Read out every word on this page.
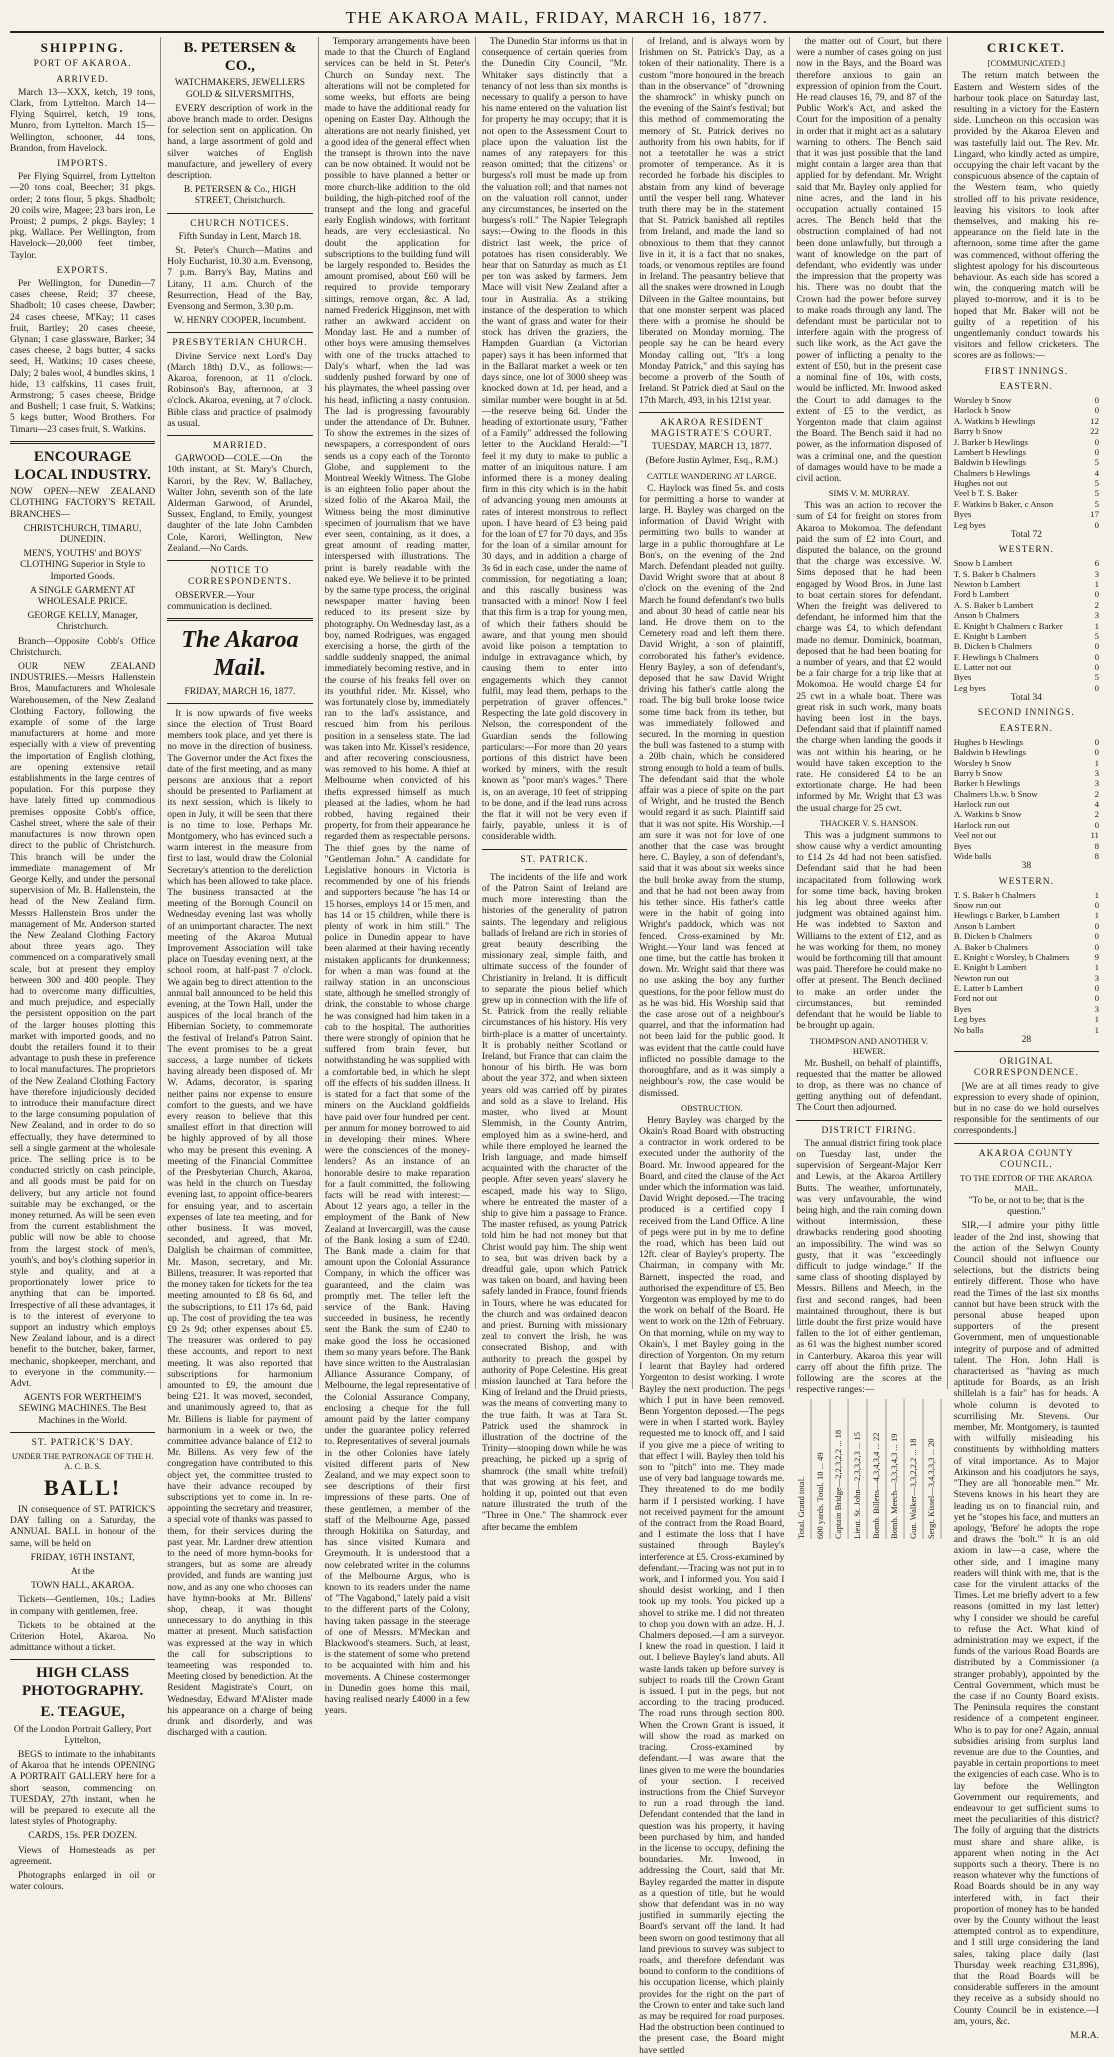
THE AKAROA MAIL, FRIDAY, MARCH 16, 1877.
SHIPPING.
PORT OF AKAROA.
ARRIVED.

March 13—XXX, ketch, 19 tons, Clark, from Lyttelton. March 14—Flying Squirrel, ketch, 19 tons, Munro, from Lyttelton. March 15—Wellington, schooner, 44 tons, Brandon, from Havelock.

IMPORTS.

Per Flying Squirrel, from Lyttelton—20 tons coal, Beecher; 31 pkgs. order; 2 tons flour, 5 pkgs. Shadbolt; 20 coils wire, Magee; 23 bars iron, Le Proust; 2 pumps, 2 pkgs. Bayley; 1 pkg. Wallace. Per Wellington, from Havelock—20,000 feet timber, Taylor.

EXPORTS.

Per Wellington, for Dunedin—7 cases cheese, Reid; 37 cheese, Shadbolt; 10 cases cheese, Dawber; 24 cases cheese, M'Kay; 11 cases fruit, Bartley; 20 cases cheese, Glynan; 1 case glassware, Barker; 34 cases cheese, 2 bags butter, 4 sacks seed, H. Watkins; 10 cases cheese, Daly; 2 bales wool, 4 bundles skins, 1 hide, 13 calfskins, 11 cases fruit, Armstrong; 5 cases cheese, Bridge and Bushell; 1 case fruit, S. Watkins; 5 kegs butter, Wood Brothers. For Timaru—23 cases fruit, S. Watkins.

ENCOURAGE LOCAL INDUSTRY.

NOW OPEN—NEW ZEALAND CLOTHING FACTORY'S RETAIL BRANCHES—

CHRISTCHURCH, TIMARU, DUNEDIN.

MEN'S, YOUTHS' and BOYS' CLOTHING Superior in Style to Imported Goods.

A SINGLE GARMENT AT WHOLESALE PRICE.

GEORGE KELLY, Manager, Christchurch.

Branch—Opposite Cobb's Office Christchurch.

OUR NEW ZEALAND INDUSTRIES.—Messrs Hallenstein Bros, Manufacturers and Wholesale Warehousemen, of the New Zealand Clothing Factory, following the example of some of the large manufacturers at home and more especially with a view of preventing the importation of English clothing, are opening extensive retail establishments in the large centres of population. For this purpose they have lately fitted up commodious premises opposite Cobb's office, Cashel street, where the sale of their manufactures is now thrown open direct to the public of Christchurch. This branch will be under the immediate management of Mr George Kelly, and under the personal supervision of Mr. B. Hallenstein, the head of the New Zealand firm. Messrs Hallenstein Bros under the management of Mr. Anderson started the New Zealand Clothing Factory about three years ago. They commenced on a comparatively small scale, but at present they employ between 300 and 400 people. They had to overcome many difficulties, and much prejudice, and especially the persistent opposition on the part of the larger houses plotting this market with imported goods, and no doubt the retailers found it to their advantage to push these in preference to local manufactures. The proprietors of the New Zealand Clothing Factory have therefore injudiciously decided to introduce their manufacture direct to the large consuming population of New Zealand, and in order to do so effectually, they have determined to sell a single garment at the wholesale price. The selling price is to be conducted strictly on cash principle, and all goods must be paid for on delivery, but any article not found suitable may be exchanged, or the money returned. As will be seen even from the current establishment the public will now be able to choose from the largest stock of men's, youth's, and boy's clothing superior in style and quality, and at a proportionately lower price to anything that can be imported. Irrespective of all these advantages, it is to the interest of everyone to support an industry which employs New Zealand labour, and is a direct benefit to the butcher, baker, farmer, mechanic, shopkeeper, merchant, and to everyone in the community.—Advt.

AGENTS FOR WERTHEIM'S SEWING MACHINES. The Best Machines in the World.

ST. PATRICK'S DAY.

UNDER THE PATRONAGE OF THE H. A. C. B. S.

BALL!

IN consequence of ST. PATRICK'S DAY falling on a Saturday, the ANNUAL BALL in honour of the same, will be held on

FRIDAY, 16TH INSTANT,

At the

TOWN HALL, AKAROA.

Tickets—Gentlemen, 10s.; Ladies in company with gentlemen, free.

Tickets to be obtained at the Criterion Hotel, Akaroa. No admittance without a ticket.

HIGH CLASS PHOTOGRAPHY.
E. TEAGUE,

Of the London Portrait Gallery, Port Lyttelton,

BEGS to intimate to the inhabitants of Akaroa that he intends OPENING A PORTRAIT GALLERY here for a short season, commencing on TUESDAY, 27th instant, when he will be prepared to execute all the latest styles of Photography.

CARDS, 15s. PER DOZEN.

Views of Homesteads as per agreement.

Photographs enlarged in oil or water colours.

B. PETERSEN & CO.,

WATCHMAKERS, JEWELLERS GOLD & SILVERSMITHS,

EVERY description of work in the above branch made to order. Designs for selection sent on application. On hand, a large assortment of gold and silver watches of English manufacture, and jewellery of every description.

B. PETERSEN & Co., HIGH STREET, Christchurch.

CHURCH NOTICES.

Fifth Sunday in Lent, March 18.

St. Peter's Church—Matins and Holy Eucharist, 10.30 a.m. Evensong, 7 p.m. Barry's Bay, Matins and Litany, 11 a.m. Church of the Resurrection, Head of the Bay, Evensong and Sermon, 3.30 p.m.

W. HENRY COOPER, Incumbent.

PRESBYTERIAN CHURCH.

Divine Service next Lord's Day (March 18th) D.V., as follows:— Akaroa, forenoon, at 11 o'clock. Robinson's Bay, afternoon, at 3 o'clock. Akaroa, evening, at 7 o'clock. Bible class and practice of psalmody as usual.

MARRIED.

GARWOOD—COLE.—On the 10th instant, at St. Mary's Church, Karori, by the Rev. W. Ballachey, Walter John, seventh son of the late Alderman Garwood, of Arundel, Sussex, England, to Emily, youngest daughter of the late John Cambden Cole, Karori, Wellington, New Zealand.—No Cards.

NOTICE TO CORRESPONDENTS.

OBSERVER.—Your communication is declined.

The Akaroa Mail.

FRIDAY, MARCH 16, 1877.

It is now upwards of five weeks since the election of Trust Board members took place, and yet there is no move in the direction of business. The Governor under the Act fixes the date of the first meeting, and as many persons are anxious that a report should be presented to Parliament at its next session, which is likely to open in July, it will be seen that there is no time to lose. Perhaps Mr. Montgomery, who has evinced such a warm interest in the measure from first to last, would draw the Colonial Secretary's attention to the dereliction which has been allowed to take place. The business transacted at the meeting of the Borough Council on Wednesday evening last was wholly of an unimportant character. The next meeting of the Akaroa Mutual Improvement Association will take place on Tuesday evening next, at the school room, at half-past 7 o'clock. We again beg to direct attention to the annual ball announced to be held this evening, at the Town Hall, under the auspices of the local branch of the Hibernian Society, to commemorate the festival of Ireland's Patron Saint. The event promises to be a great success, a large number of tickets having already been disposed of. Mr W. Adams, decorator, is sparing neither pains nor expense to ensure comfort to the guests, and we have every reason to believe that this smallest effort in that direction will be highly approved of by all those who may be present this evening. A meeting of the Financial Committee of the Presbyterian Church, Akaroa, was held in the church on Tuesday evening last, to appoint office-bearers for ensuing year, and to ascertain expenses of late tea meeting, and for other business. It was moved, seconded, and agreed, that Mr. Dalglish be chairman of committee, Mr. Mason, secretary, and Mr. Billens, treasurer. It was reported that the money taken for tickets for the tea meeting amounted to £8 6s 6d, and the subscriptions, to £11 17s 6d, paid up. The cost of providing the tea was £9 2s 9d; other expenses about £5. The treasurer was ordered to pay these accounts, and report to next meeting. It was also reported that subscriptions for harmonium amounted to £9, the amount due being £21. It was moved, seconded, and unanimously agreed to, that as Mr. Billens is liable for payment of harmonium in a week or two, the committee advance balance of £12 to Mr. Billens. As very few of the congregation have contributed to this object yet, the committee trusted to have their advance recouped by subscriptions yet to come in. In re-appointing the secretary and treasurer, a special vote of thanks was passed to them, for their services during the past year. Mr. Lardner drew attention to the need of more hymn-books for strangers, but as some are already provided, and funds are wanting just now, and as any one who chooses can have hymn-books at Mr. Billens' shop, cheap, it was thought unnecessary to do anything in this matter at present. Much satisfaction was expressed at the way in which the call for subscriptions to teameeting was responded to. Meeting closed by benediction. At the Resident Magistrate's Court, on Wednesday, Edward M'Alister made his appearance on a charge of being drunk and disorderly, and was discharged with a caution.

Temporary arrangements have been made to that the Church of England services can be held in St. Peter's Church on Sunday next. The alterations will not be completed for some weeks, but efforts are being made to have the additional ready for opening on Easter Day. Although the alterations are not nearly finished, yet a good idea of the general effect when the transept is thrown into the nave can be now obtained. It would not be possible to have planned a better or more church-like addition to the old building, the high-pitched roof of the transept and the long and graceful early English windows, with fortitant heads, are very ecclesiastical. No doubt the application for subscriptions to the building fund will be largely responded to. Besides the amount promised, about £60 will be required to provide temporary sittings, remove organ, &c. A lad, named Frederick Higginson, met with rather an awkward accident on Monday last. He and a number of other boys were amusing themselves with one of the trucks attached to Daly's wharf, when the lad was suddenly pushed forward by one of his playmates, the wheel passing over his head, inflicting a nasty contusion. The lad is progressing favourably under the attendance of Dr. Buhner. To show the extremes in the sizes of newspapers, a correspondent of ours sends us a copy each of the Toronto Globe, and supplement to the Montreal Weekly Witness. The Globe is an eighteen folio paper about the sized folio of the Akaroa Mail, the Witness being the most diminutive specimen of journalism that we have ever seen, containing, as it does, a great amount of reading matter, interspersed with illustrations. The print is barely readable with the naked eye. We believe it to be printed by the same type process, the original newspaper matter having been reduced to its present size by photography. On Wednesday last, as a boy, named Rodrigues, was engaged exercising a horse, the girth of the saddle suddenly snapped, the animal immediately becoming restive, and in the course of his freaks fell over on its youthful rider. Mr. Kissel, who was fortunately close by, immediately ran to the lad's assistance, and rescued him from his perilous position in a senseless state. The lad was taken into Mr. Kissel's residence, and after recovering consciousness, was removed to his home. A thief at Melbourne when convicted of his thefts expressed himself as much pleased at the ladies, whom he had robbed, having regained their property, for from their appearance he regarded them as respectable persons. The thief goes by the name of "Gentleman John." A candidate for Legislative honours in Victoria is recommended by one of his friends and supporters because "he has 14 or 15 horses, employs 14 or 15 men, and has 14 or 15 children, while there is plenty of work in him still." The police in Dunedin appear to have been alarmed at their having recently mistaken applicants for drunkenness; for when a man was found at the railway station in an unconscious state, although he smelled strongly of drink, the constable to whose charge he was consigned had him taken in a cab to the hospital. The authorities there were strongly of opinion that he suffered from brain fever, but notwithstanding he was supplied with a comfortable bed, in which he slept off the effects of his sudden illness. It is stated for a fact that some of the miners on the Auckland goldfields have paid over four hundred per cent. per annum for money borrowed to aid in developing their mines. Where were the consciences of the money-lenders? As an instance of an honorable desire to make reparation for a fault committed, the following facts will be read with interest:—About 12 years ago, a teller in the employment of the Bank of New Zealand at Invercargill, was the cause of the Bank losing a sum of £240. The Bank made a claim for that amount upon the Colonial Assurance Company, in which the officer was guaranteed, and the claim was promptly met. The teller left the service of the Bank. Having succeeded in business, he recently sent the Bank the sum of £240 to make good the loss he occasioned them so many years before. The Bank have since written to the Australasian Alliance Assurance Company, of Melbourne, the legal representative of the Colonial Assurance Company, enclosing a cheque for the full amount paid by the latter company under the guarantee policy referred to. Representatives of several journals in the other Colonies have lately visited different parts of New Zealand, and we may expect soon to see descriptions of their first impressions of these parts. One of these gentlemen, a member of the staff of the Melbourne Age, passed through Hokitika on Saturday, and has since visited Kumara and Greymouth. It is understood that a now celebrated writer in the columns of the Melbourne Argus, who is known to its readers under the name of "The Vagabond," lately paid a visit to the different parts of the Colony, having taken passage in the steerage of one of Messrs. M'Meckan and Blackwood's steamers. Such, at least, is the statement of some who pretend to be acquainted with him and his movements. A Chinese costermonger in Dunedin goes home this mail, having realised nearly £4000 in a few years.

The Dunedin Star informs us that in consequence of certain queries from the Dunedin City Council, "Mr. Whitaker says distinctly that a tenancy of not less than six months is necessary to qualify a person to have his name entered on the valuation list for property he may occupy; that it is not open to the Assessment Court to place upon the valuation list the names of any ratepayers for this reason omitted; that the citizens' or burgess's roll must be made up from the valuation roll; and that names not on the valuation roll cannot, under any circumstances, be inserted on the burgess's roll." The Napier Telegraph says:—Owing to the floods in this district last week, the price of potatoes has risen considerably. We hear that on Saturday as much as £1 per ton was asked by farmers. Jem Mace will visit New Zealand after a tour in Australia. As a striking instance of the desperation to which the want of grass and water for their stock has driven the graziers, the Hampden Guardian (a Victorian paper) says it has been informed that in the Ballarat market a week or ten days since, one lot of 3000 sheep was knocked down at 1d. per head, and a similar number were bought in at 5d.—the reserve being 6d. Under the heading of extortionate usury, "Father of a Family" addressed the following letter to the Auckland Herald:—"I feel it my duty to make to public a matter of an iniquitous nature. I am informed there is a money dealing firm in this city which is in the habit of advancing young men amounts at rates of interest monstrous to reflect upon. I have heard of £3 being paid for the loan of £7 for 70 days, and 35s for the loan of a similar amount for 30 days, and in addition a charge of 3s 6d in each case, under the name of commission, for negotiating a loan; and this rascally business was transacted with a minor! Now I feel that this firm is a trap for young men, of which their fathers should be aware, and that young men should avoid like poison a temptation to indulge in extravagance which, by causing them to enter into engagements which they cannot fulfil, may lead them, perhaps to the perpetration of graver offences." Respecting the late gold discovery in Nelson, the correspondent of the Guardian sends the following particulars:—For more than 20 years portions of this district have been worked by miners, with the result known as "poor man's wages." There is, on an average, 10 feet of stripping to be done, and if the lead runs across the flat it will not be very even if fairly, payable, unless it is of considerable width.

ST. PATRICK.

The incidents of the life and work of the Patron Saint of Ireland are much more interesting than the histories of the generality of patron saints. The legendary and religious ballads of Ireland are rich in stories of great beauty describing the missionary zeal, simple faith, and ultimate success of the founder of Christianity in Ireland. It is difficult to separate the pious belief which grew up in connection with the life of St. Patrick from the really reliable circumstances of his history. His very birth-place is a matter of uncertainty. It is probably neither Scotland or Ireland, but France that can claim the honour of his birth. He was born about the year 372, and when sixteen years old was carried off by pirates and sold as a slave to Ireland. His master, who lived at Mount Slemmish, in the County Antrim, employed him as a swine-herd, and while there employed he learned the Irish language, and made himself acquainted with the character of the people. After seven years' slavery he escaped, made his way to Sligo, where he entreated the master of a ship to give him a passage to France. The master refused, as young Patrick told him he had not money but that Christ would pay him. The ship went to sea, but was driven back by a dreadful gale, upon which Patrick was taken on board, and having been safely landed in France, found friends in Tours, where he was educated for the church and was ordained deacon and priest. Burning with missionary zeal to convert the Irish, he was consecrated Bishop, and with authority to preach the gospel by authority of Pope Celestine. His great mission launched at Tara before the King of Ireland and the Druid priests, was the means of converting many to the true faith. It was at Tara St. Patrick used the shamrock in illustration of the doctrine of the Trinity—stooping down while he was preaching, he picked up a sprig of shamrock (the small white trefoil) that was growing at his feet, and holding it up, pointed out that even nature illustrated the truth of the "Three in One." The shamrock ever after became the emblem

of Ireland, and is always worn by Irishmen on St. Patrick's Day, as a token of their nationality. There is a custom "more honoured in the breach than in the observance" of "drowning the shamrock" in whisky punch on the evening of the Saint's festival; but this method of commemorating the memory of St. Patrick derives no authority from his own habits, for if not a teetotaller he was a strict promoter of temperance. As it is recorded he forbade his disciples to abstain from any kind of beverage until the vesper bell rang. Whatever truth there may be in the statement that St. Patrick banished all reptiles from Ireland, and made the land so obnoxious to them that they cannot live in it, it is a fact that no snakes, toads, or venomous reptiles are found in Ireland. The peasantry believe that all the snakes were drowned in Lough Dilveen in the Galtee mountains, but that one monster serpent was placed there with a promise he should be liberated on Monday morning. The people say he can be heard every Monday calling out, "It's a long Monday Patrick," and this saying has become a proverb of the South of Ireland. St Patrick died at Saul on the 17th March, 493, in his 121st year.

AKAROA RESIDENT MAGISTRATE'S COURT.

TUESDAY, MARCH 13, 1877.

(Before Justin Aylmer, Esq., R.M.)

CATTLE WANDERING AT LARGE.

C. Haylock was fined 5s. and costs for permitting a horse to wander at large. H. Bayley was charged on the information of David Wright with permitting two bulls to wander at large in a public thoroughfare at Le Bon's, on the evening of the 2nd March. Defendant pleaded not guilty. David Wright swore that at about 8 o'clock on the evening of the 2nd March he found defendant's two bulls and about 30 head of cattle near his land. He drove them on to the Cemetery road and left them there. David Wright, a son of plaintiff, corroborated his father's evidence. Henry Bayley, a son of defendant's, deposed that he saw David Wright driving his father's cattle along the road. The big bull broke loose twice some time back from its tether, but was immediately followed and secured. In the morning in question the bull was fastened to a stump with a 20lb chain, which he considered strong enough to hold a team of bulls. The defendant said that the whole affair was a piece of spite on the part of Wright, and he trusted the Bench would regard it as such. Plaintiff said that it was not spite. His Worship.—I am sure it was not for love of one another that the case was brought here. C. Bayley, a son of defendant's, said that it was about six weeks since the bull broke away from the stump, and that he had not been away from his tether since. His father's cattle were in the habit of going into Wright's paddock, which was not fenced. Cross-examined by Mr. Wright.—Your land was fenced at one time, but the cattle has broken it down. Mr. Wright said that there was no use asking the boy any further questions, for the poor fellow must do as he was bid. His Worship said that the case arose out of a neighbour's quarrel, and that the information had not been laid for the public good. It was evident that the cattle could have inflicted no possible damage to the thoroughfare, and as it was simply a neighbour's row, the case would be dismissed.

OBSTRUCTION.

Henry Bayley was charged by the Okain's Road Board with obstructing a contractor in work ordered to be executed under the authority of the Board. Mr. Inwood appeared for the Board, and cited the clause of the Act under which the information was laid. David Wright deposed.—The tracing produced is a certified copy I received from the Land Office. A line of pegs were put in by me to define the road, which has been laid out 12ft. clear of Bayley's property. The Chairman, in company with Mr. Barnett, inspected the road, and authorised the expenditure of £5. Ben Yorgenton was employed by me to do the work on behalf of the Board. He went to work on the 12th of February. On that morning, while on my way to Okain's, I met Bayley going in the direction of Yorgenton. On my return I learnt that Bayley had ordered Yorgenton to desist working. I wrote Bayley the next production. The pegs which I put in have been removed. Benn Yorgenton deposed.—The pegs were in when I started work. Bayley requested me to knock off, and I said if you give me a piece of writing to that effect I will. Bayley then told his son to "pitch" into me. They made use of very bad language towards me. They threatened to do me bodily harm if I persisted working. I have not received payment for the amount of the contract from the Road Board, and I estimate the loss that I have sustained through Bayley's interference at £5. Cross-examined by defendant.—Tracing was not put in to work, and I informed you. You said I should desist working, and I then took up my tools. You picked up a shovel to strike me. I did not threaten to chop you down with an adze. H. J. Chalmers deposed.—I am a surveyor. I knew the road in question. I laid it out. I believe Bayley's land abuts. All waste lands taken up before survey is subject to roads till the Crown Grant is issued. I put in the pegs, but not according to the tracing produced. The road runs through section 800. When the Crown Grant is issued, it will show the road as marked on tracing. Cross-examined by defendant.—I was aware that the lines given to me were the boundaries of your section. I received instructions from the Chief Surveyor to run a road through the land. Defendant contended that the land in question was his property, it having been purchased by him, and handed in the license to occupy, defining the boundaries. Mr. Inwood, in addressing the Court, said that Mr. Bayley regarded the matter in dispute as a question of title, but he would show that defendant was in no way justified in summarily ejecting the Board's servant off the land. It had been sworn on good testimony that all land previous to survey was subject to roads, and therefore defendant was bound to conform to the conditions of his occupation license, which plainly provides for the right on the part of the Crown to enter and take such land as may be required for road purposes. Had the obstruction been continued to the present case, the Board might have settled

the matter out of Court, but there were a number of cases going on just now in the Bays, and the Board was therefore anxious to gain an expression of opinion from the Court. He read clauses 16, 79, and 87 of the Public Work's Act, and asked the Court for the imposition of a penalty in order that it might act as a salutary warning to others. The Bench said that it was just possible that the land might contain a larger area than that applied for by defendant. Mr. Wright said that Mr. Bayley only applied for nine acres, and the land in his occupation actually contained 15 acres. The Bench held that the obstruction complained of had not been done unlawfully, but through a want of knowledge on the part of defendant, who evidently was under the impression that the property was his. There was no doubt that the Crown had the power before survey to make roads through any land. The defendant must be particular not to interfere again with the progress of such like work, as the Act gave the power of inflicting a penalty to the extent of £50, but in the present case a nominal fine of 10s, with costs, would be inflicted. Mr. Inwood asked the Court to add damages to the extent of £5 to the verdict, as Yorgenton made that claim against the Board. The Bench said it had no power, as the information disposed of was a criminal one, and the question of damages would have to be made a civil action.

SIMS V. M. MURRAY.

This was an action to recover the sum of £4 for freight on stores from Akaroa to Mokomoa. The defendant paid the sum of £2 into Court, and disputed the balance, on the ground that the charge was excessive. W. Sims deposed that he had been engaged by Wood Bros. in June last to boat certain stores for defendant. When the freight was delivered to defendant, he informed him that the charge was £4, to which defendant made no demur. Dominick, boatman, deposed that he had been boating for a number of years, and that £2 would be a fair charge for a trip like that at Mokomoa. He would charge £4 for 25 cwt in a whale boat. There was great risk in such work, many boats having been lost in the bays. Defendant said that if plaintiff named the charge when landing the goods it was not within his hearing, or he would have taken exception to the rate. He considered £4 to be an extortionate charge. He had been informed by Mr. Wright that £3 was the usual charge for 25 cwt.

THACKER V. S. HANSON.

This was a judgment summons to show cause why a verdict amounting to £14 2s 4d had not been satisfied. Defendant said that he had been incapacitated from following work for some time back, having broken his leg about three weeks after judgment was obtained against him. He was indebted to Saxton and Williams to the extent of £12, and as he was working for them, no money would be forthcoming till that amount was paid. Therefore he could make no offer at present. The Bench declined to make an order under the circumstances, but reminded defendant that he would be liable to be brought up again.

THOMPSON AND ANOTHER V. HEWER.

Mr. Bushell, on behalf of plaintiffs, requested that the matter be allowed to drop, as there was no chance of getting anything out of defendant. The Court then adjourned.

DISTRICT FIRING.

The annual district firing took place on Tuesday last, under the supervision of Sergeant-Major Kerr and Lewis, at the Akaroa Artillery Butts. The weather, unfortunately, was very unfavourable, the wind being high, and the rain coming down without intermission, these drawbacks rendering good shooting an impossibility. The wind was so gusty, that it was "exceedingly difficult to judge windage." If the same class of shooting displayed by Messrs. Billens and Meech, in the first and second ranges, had been maintained throughout, there is but little doubt the first prize would have fallen to the lot of either gentleman, as 61 was the highest number scored in Canterbury. Akaroa this year will carry off about the fifth prize. The following are the scores at the respective ranges:—

Total. Grand total.	600 yards. Total. 10 ... 49	Captain Bridge—2,2,3,2,2 ... 18	Lieut. St. John—2,3,3,2,3 ... 15	Bomb. Billens—4,3,4,3,4 ... 22	Bomb. Meech—3,3,3,4,3 ... 19	Gun. Walker—3,3,2,2,2 ... 18	Sergt. Kissel—3,4,3,3,3 ... 20
CRICKET.

[COMMUNICATED.]

The return match between the Eastern and Western sides of the harbour took place on Saturday last, resulting in a victory for the Eastern side. Luncheon on this occasion was provided by the Akaroa Eleven and was tastefully laid out. The Rev. Mr. Lingard, who kindly acted as umpire, occupying the chair left vacant by the conspicuous absence of the captain of the Western team, who quietly strolled off to his private residence, leaving his visitors to look after themselves, and making his re-appearance on the field late in the afternoon, some time after the game was commenced, without offering the slightest apology for his discourteous behaviour. As each side has scored a win, the conquering match will be played to-morrow, and it is to be hoped that Mr. Baker will not be guilty of a repetition of his ungentlemanly conduct towards his visitors and fellow cricketers. The scores are as follows:—

FIRST INNINGS.
EASTERN.
Worsley b Snow	0
Harlock b Snow	0
A. Watkins b Hewlings	12
Barry b Snow	22
J. Barker b Hewlings	0
Lambert b Hewlings	0
Baldwin b Hewlings	5
Chalmers b Hewlings	4
Hughes not out	5
Veel b T. S. Baker	5
F. Watkins b Baker, c Anson	5
Byes	17
Leg byes	0

Total 72

WESTERN.
Snow b Lambert	6
T. S. Baker b Chalmers	3
Newton b Lambert	1
Ford b Lambert	0
A. S. Baker b Lambert	2
Anson b Chalmers	3
E. Knight b Chalmers c Barker	1
E. Knight b Lambert	5
B. Dicken b Chalmers	0
F. Hewlings b Chalmers	0
E. Latter not out	0
Byes	5
Leg byes	0

Total 34

SECOND INNINGS.
EASTERN.
Hughes b Hewlings	0
Baldwin b Hewlings	0
Worsley b Snow	1
Barry b Snow	3
Barker b Hewlings	3
Chalmers l.b.w. b Snow	2
Harlock run out	4
A. Watkins b Snow	2
Harlock run out	0
Veel not out	11
Byes	8
Wide balls	8

38

WESTERN.
T. S. Baker b Chalmers	1
Snow run out	0
Hewlings c Barker, b Lambert	1
Anson b Lambert	0
B. Dicken b Chalmers	0
A. Baker b Chalmers	0
E. Knight c Worsley, b Chalmers	9
E. Knight b Lambert	1
Newton run out	3
E. Latter b Lambert	0
Ford not out	0
Byes	3
Leg byes	1
No balls	1

28

ORIGINAL CORRESPONDENCE.

[We are at all times ready to give expression to every shade of opinion, but in no case do we hold ourselves responsible for the sentiments of our correspondents.]

AKAROA COUNTY COUNCIL.

TO THE EDITOR OF THE AKAROA MAIL.

"To be, or not to be; that is the question."

SIR,—I admire your pithy little leader of the 2nd inst, showing that the action of the Selwyn County Council should not influence our selections, but the districts being entirely different. Those who have read the Times of the last six months cannot but have been struck with the personal abuse heaped upon supporters of the present Government, men of unquestionable integrity of purpose and of admitted talent. The Hon. John Hall is characterised as "having as much aptitude for Boards, as an Irish shillelah is a fair" has for heads. A whole column is devoted to scurrilising Mr. Stevens. Our member, Mr. Montgomery, is taunted with wilfully misleading his constituents by withholding matters of vital importance. As to Major Atkinson and his coadjutors he says, "They are all 'honorable men.'" Mr. Stevens knows in his heart they are leading us on to financial ruin, and yet he "stopes his face, and mutters an apology, 'Before' he adopts the rope and draws the 'bolt.'" It is an old axiom in law—a case, where the other side, and I imagine many readers will think with me, that is the case for the virulent attacks of the Times. Let me briefly advert to a few reasons (omitted in my last letter) why I consider we should be careful to refuse the Act. What kind of administration may we expect, if the funds of the various Road Boards are distributed by a Commissioner (a stranger probably), appointed by the Central Government, which must be the case if no County Board exists. The Peninsula requires the constant residence of a competent engineer. Who is to pay for one? Again, annual subsidies arising from surplus land revenue are due to the Counties, and payable in certain proportions to meet the exigencies of each case. Who is to lay before the Wellington Government our requirements, and endeavour to get sufficient sums to meet the peculiarities of this district? The folly of arguing that the districts must share and share alike, is apparent when noting in the Act supports such a theory. There is no reason whatever why the functions of Road Boards should be in any way interfered with, in fact their proportion of money has to be handed over by the County without the least attempted control as to expenditure, and I still urge considering the land sales, taking place daily (last Thursday week reaching £31,896), that the Road Boards will be considerable sufferers in the amount they receive as a subsidy should no County Council be in existence.—I am, yours, &c.

M.R.A.
